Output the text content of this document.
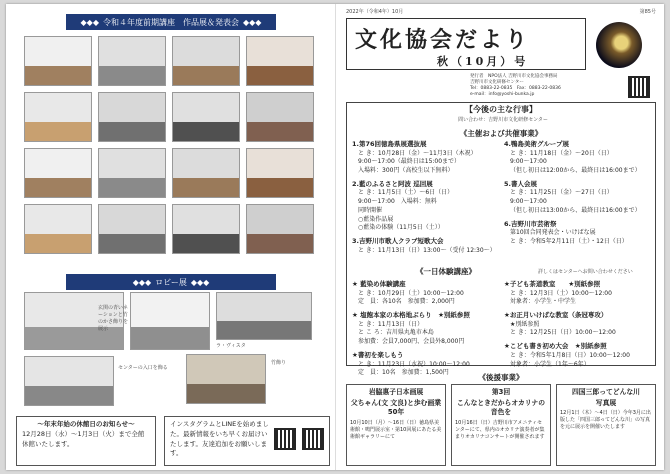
◆◆◆ 令和４年度前期講座　作品展＆発表会 ◆◆◆
◆◆◆ ロビー展 ◆◆◆
玄関の青いネーションと竹のかさ飾りを展示
ラ・ヴィスタ
センターの入口を飾る
竹飾り
～年末年始の休館日のお知らせ～
12月28日（水）～1月3日（火）まで全館休館いたします。
インスタグラムとLINEを始めました。最新情報をいち早くお届けいたします。友達追加をお願いします。
2022年（令和4年）10月	第85号
文化協会だより
秋（10月）号
発行者　NPO法人 吉野川市文化協会事務局
吉野川市文化研修センター
Tel：0883-22-0835　Fax：0883-22-0836
e-mail：info@yoshi-bunka.jp
【今後の主な行事】
問い合わせ：吉野川市文化研修センター
《主催および共催事業》
1.第76回徳島県展選抜展
と き：10月28日（金）～11月3日（木祝）
9:00～17:00（最終日は15:00まで）
入場料：300円（高校生以下無料）
2.藍のふるさと阿波 巡回展
と き：11月5日（土）～6日（日）
9:00～17:00　入場料：無料
同時開催
○藍染作品展
○藍染の体験（11月5日（土））
3.吉野川市歌人クラブ短歌大会
と き：11月13日（日）13:00～（受付 12:30～）
4.鴨島美術グループ展
と き：11月18日（金）～20日（日）
9:00～17:00
（但し初日は12:00から、最終日は16:00まで）
5.書人会展
と き：11月25日（金）～27日（日）
9:00～17:00
（但し初日は13:00から、最終日は16:00まで）
6.吉野川市芸術祭
第10回合同発表会・いけばな展
と き：令和5年2月11日（土）・12日（日）
《一日体験講座》	詳しくはセンターへお問い合わせください
★ 藍染め体験講座
と き：10月29日（土）10:00～12:00
定　員：各10名　参加費：2,000円
★ 塩飽本家の本格地ぶらり　★別紙参照
と き：11月13日（日）
と こ ろ：吉川県丸亀市本島
参加費：会員7,000円、会員外8,000円
★書初を楽しもう
と き：11月23日（水祝）10:00～12:00
定　員：10名　参加費：1,500円
★子ども茶道教室　　★別紙参照
と き：12月3日（土）10:00～12:00
対象者：小学生・中学生
★お正月いけばな教室（条冠専攻）
★別紙参照
と き：12月25日（日）10:00～12:00
★こども書き初め大会　★別紙参照
と き：令和5年1月8日（日）10:00～12:00
対象者：小学生（1年～6年）
《後援事業》
岩脇惠子日本画展
父ちゃん(文 文良)と歩む画業50年
10月10日（月）～16日（日）徳島県美術館・鳴門展示室・第10回展にあたる美術館ギャラリーにて
第3回
こんなときだからオカリナの音色を
10月16日（日）吉野川市アメニティセンターにて、県内のオカリナ演奏者が集まりオカリナコンサートが開催されます
四国三郎ってどんな川
写真展
12月1日（木）～4日（日）今年3月に出版した「四国三郎ってどんな川」の写真を元に展示を開催いたします
